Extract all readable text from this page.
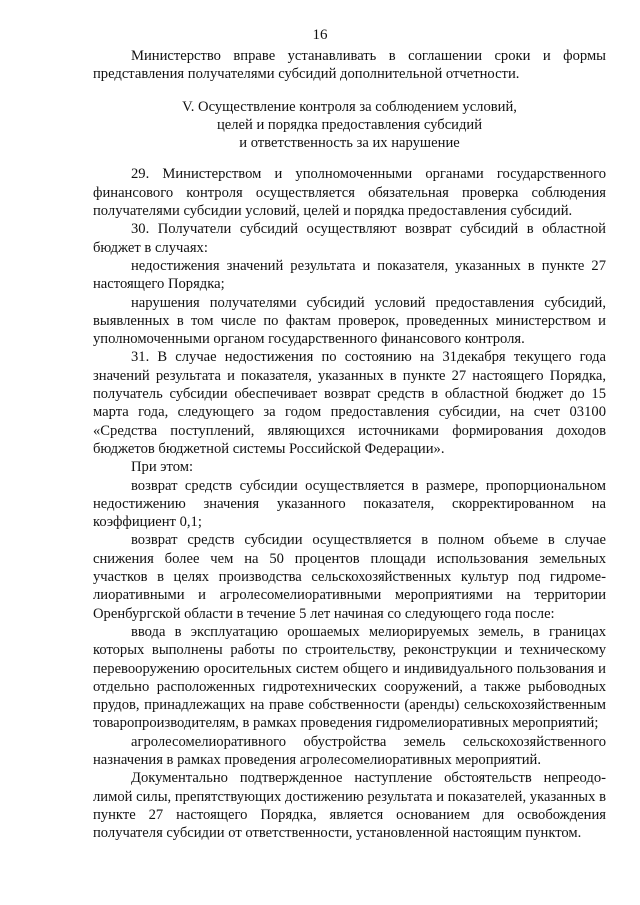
16

Министерство вправе устанавливать в соглашении сроки и формы представления получателями субсидий дополнительной отчетности.

V. Осуществление контроля за соблюдением условий,
целей и порядка предоставления субсидий
и ответственность за их нарушение

29. Министерством и уполномоченными органами государственного финансового контроля осуществляется обязательная проверка соблюдения получателями субсидии условий, целей и порядка предоставления субсидий.

30. Получатели субсидий осуществляют возврат субсидий в областной бюджет в случаях:

недостижения значений результата и показателя, указанных в пункте 27 настоящего Порядка;

нарушения получателями субсидий условий предоставления субсидий, выявленных в том числе по фактам проверок, проведенных министерством и уполномоченными органом государственного финансового контроля.

31. В случае недостижения по состоянию на 31декабря текущего года значений результата и показателя, указанных в пункте 27 настоящего Порядка, получатель субсидии обеспечивает возврат средств в областной бюджет до 15 марта года, следующего за годом предоставления субсидии, на счет 03100 «Средства поступлений, являющихся источниками формирования доходов бюджетов бюджетной системы Российской Федерации».

При этом:

возврат средств субсидии осуществляется в размере, пропорциональном недостижению значения указанного показателя, скорректированном на коэффициент 0,1;

возврат средств субсидии осуществляется в полном объеме в случае снижения более чем на 50 процентов площади использования земельных участков в целях производства сельскохозяйственных культур под гидромелиоративными и агролесомелиоративными мероприятиями на территории Оренбургской области в течение 5 лет начиная со следующего года после:

ввода в эксплуатацию орошаемых мелиорируемых земель, в границах которых выполнены работы по строительству, реконструкции и техническому перевооружению оросительных систем общего и индивидуального пользования и отдельно расположенных гидротехнических сооружений, а также рыбоводных прудов, принадлежащих на праве собственности (аренды) сельскохозяйственным товаропроизводителям, в рамках проведения гидромелиоративных мероприятий;

агролесомелиоративного обустройства земель сельскохозяйственного назначения в рамках проведения агролесомелиоративных мероприятий.

Документально подтвержденное наступление обстоятельств непреодолимой силы, препятствующих достижению результата и показателей, указанных в пункте 27 настоящего Порядка, является основанием для освобождения получателя субсидии от ответственности, установленной настоящим пунктом.
